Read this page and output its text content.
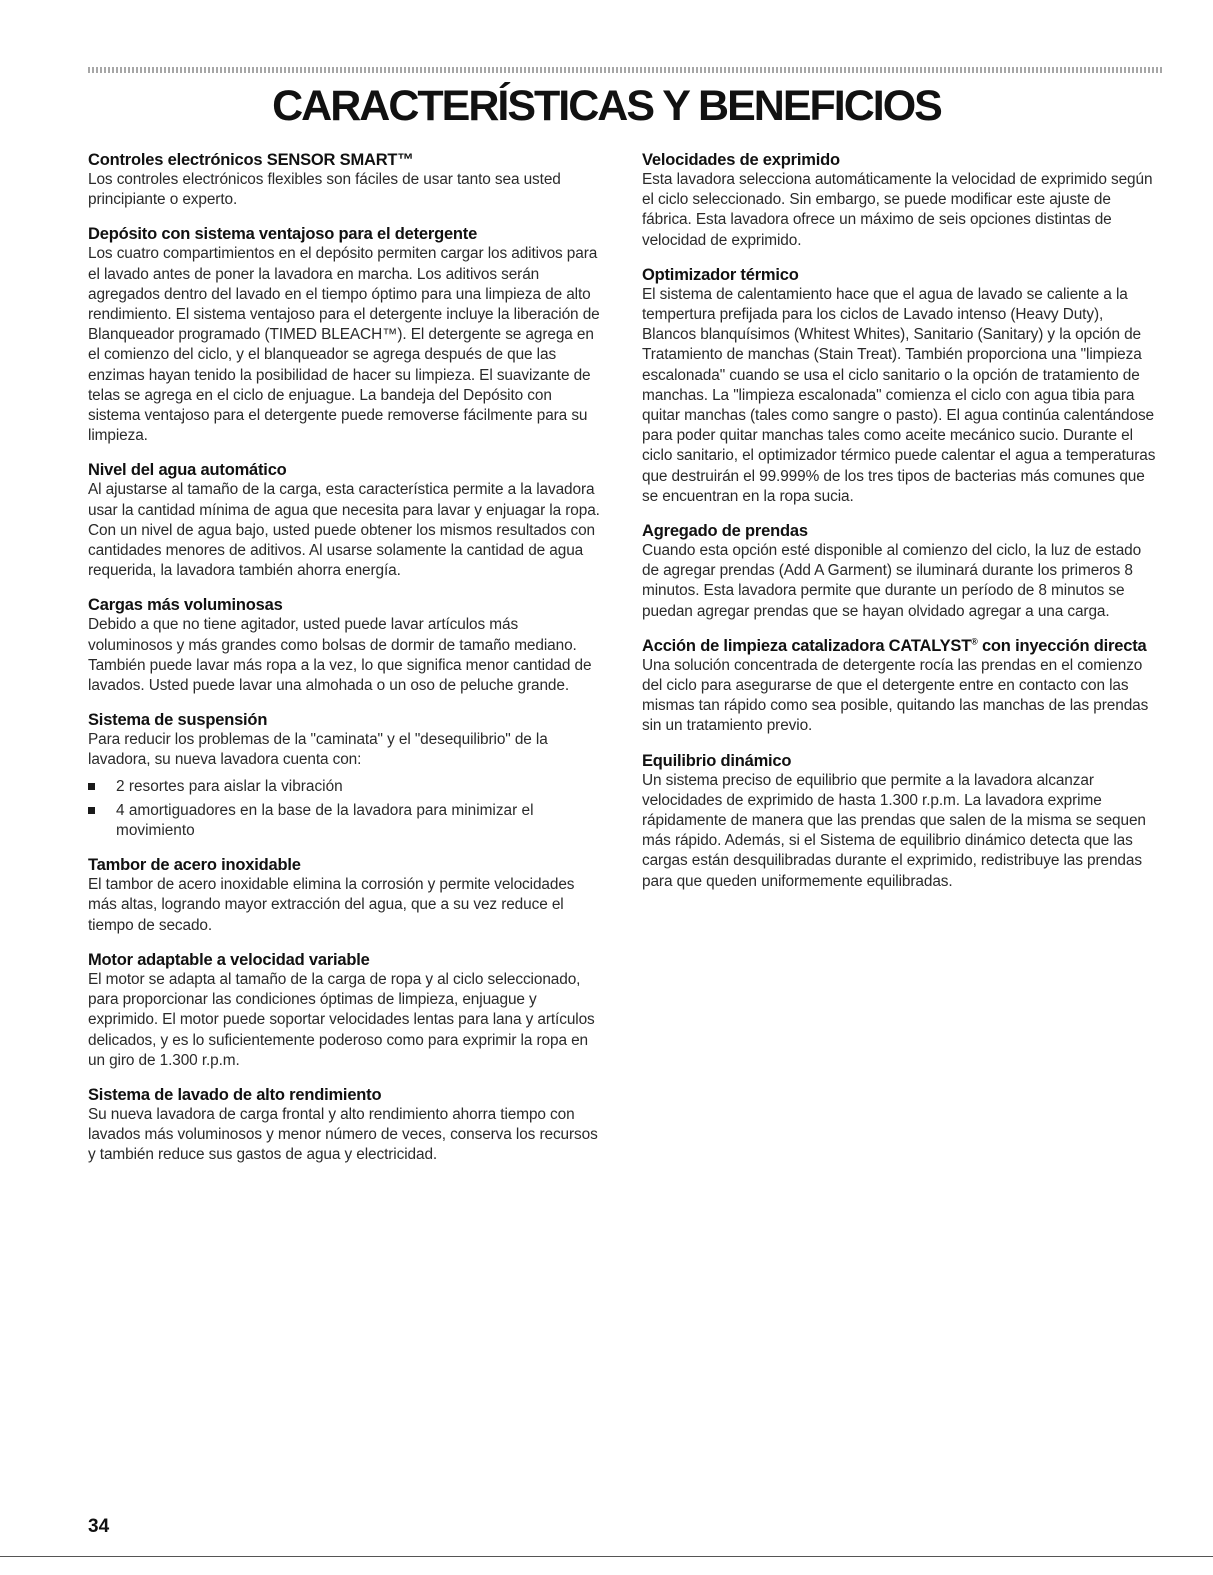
CARACTERÍSTICAS Y BENEFICIOS
Controles electrónicos SENSOR SMART™
Los controles electrónicos flexibles son fáciles de usar tanto sea usted principiante o experto.
Depósito con sistema ventajoso para el detergente
Los cuatro compartimientos en el depósito permiten cargar los aditivos para el lavado antes de poner la lavadora en marcha. Los aditivos serán agregados dentro del lavado en el tiempo óptimo para una limpieza de alto rendimiento. El sistema ventajoso para el detergente incluye la liberación de Blanqueador programado (TIMED BLEACH™). El detergente se agrega en el comienzo del ciclo, y el blanqueador se agrega después de que las enzimas hayan tenido la posibilidad de hacer su limpieza. El suavizante de telas se agrega en el ciclo de enjuague. La bandeja del Depósito con sistema ventajoso para el detergente puede removerse fácilmente para su limpieza.
Nivel del agua automático
Al ajustarse al tamaño de la carga, esta característica permite a la lavadora usar la cantidad mínima de agua que necesita para lavar y enjuagar la ropa. Con un nivel de agua bajo, usted puede obtener los mismos resultados con cantidades menores de aditivos. Al usarse solamente la cantidad de agua requerida, la lavadora también ahorra energía.
Cargas más voluminosas
Debido a que no tiene agitador, usted puede lavar artículos más voluminosos y más grandes como bolsas de dormir de tamaño mediano. También puede lavar más ropa a la vez, lo que significa menor cantidad de lavados. Usted puede lavar una almohada o un oso de peluche grande.
Sistema de suspensión
Para reducir los problemas de la "caminata" y el "desequilibrio" de la lavadora, su nueva lavadora cuenta con:
2 resortes para aislar la vibración
4 amortiguadores en la base de la lavadora para minimizar el movimiento
Tambor de acero inoxidable
El tambor de acero inoxidable elimina la corrosión y permite velocidades más altas, logrando mayor extracción del agua, que a su vez reduce el tiempo de secado.
Motor adaptable a velocidad variable
El motor se adapta al tamaño de la carga de ropa y al ciclo seleccionado, para proporcionar las condiciones óptimas de limpieza, enjuague y exprimido. El motor puede soportar velocidades lentas para lana y artículos delicados, y es lo suficientemente poderoso como para exprimir la ropa en un giro de 1.300 r.p.m.
Sistema de lavado de alto rendimiento
Su nueva lavadora de carga frontal y alto rendimiento ahorra tiempo con lavados más voluminosos y menor número de veces, conserva los recursos y también reduce sus gastos de agua y electricidad.
Velocidades de exprimido
Esta lavadora selecciona automáticamente la velocidad de exprimido según el ciclo seleccionado. Sin embargo, se puede modificar este ajuste de fábrica. Esta lavadora ofrece un máximo de seis opciones distintas de velocidad de exprimido.
Optimizador térmico
El sistema de calentamiento hace que el agua de lavado se caliente a la tempertura prefijada para los ciclos de Lavado intenso (Heavy Duty), Blancos blanquísimos (Whitest Whites), Sanitario (Sanitary) y la opción de Tratamiento de manchas (Stain Treat). También proporciona una "limpieza escalonada" cuando se usa el ciclo sanitario o la opción de tratamiento de manchas. La "limpieza escalonada" comienza el ciclo con agua tibia para quitar manchas (tales como sangre o pasto). El agua continúa calentándose para poder quitar manchas tales como aceite mecánico sucio. Durante el ciclo sanitario, el optimizador térmico puede calentar el agua a temperaturas que destruirán el 99.999% de los tres tipos de bacterias más comunes que se encuentran en la ropa sucia.
Agregado de prendas
Cuando esta opción esté disponible al comienzo del ciclo, la luz de estado de agregar prendas (Add A Garment) se iluminará durante los primeros 8 minutos. Esta lavadora permite que durante un período de 8 minutos se puedan agregar prendas que se hayan olvidado agregar a una carga.
Acción de limpieza catalizadora CATALYST® con inyección directa
Una solución concentrada de detergente rocía las prendas en el comienzo del ciclo para asegurarse de que el detergente entre en contacto con las mismas tan rápido como sea posible, quitando las manchas de las prendas sin un tratamiento previo.
Equilibrio dinámico
Un sistema preciso de equilibrio que permite a la lavadora alcanzar velocidades de exprimido de hasta 1.300 r.p.m. La lavadora exprime rápidamente de manera que las prendas que salen de la misma se sequen más rápido. Además, si el Sistema de equilibrio dinámico detecta que las cargas están desquilibradas durante el exprimido, redistribuye las prendas para que queden uniformemente equilibradas.
34
